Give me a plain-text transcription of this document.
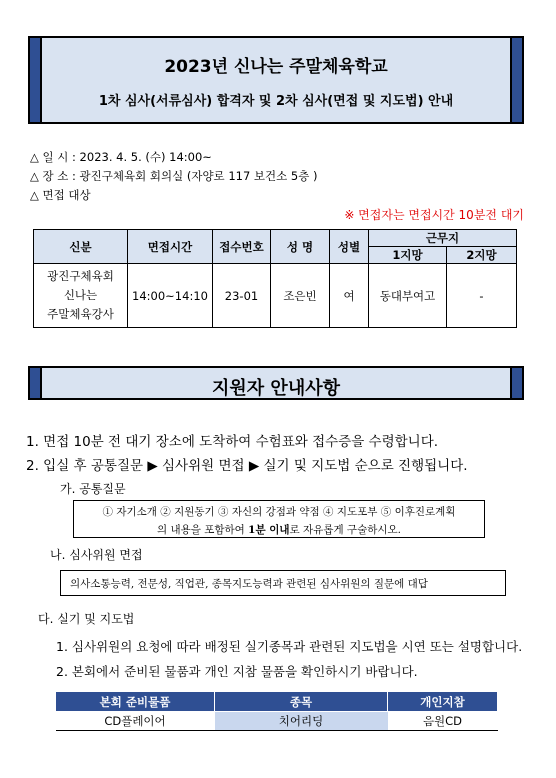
2023년 신나는 주말체육학교
1차 심사(서류심사) 합격자 및 2차 심사(면접 및 지도법) 안내
△ 일 시 : 2023. 4. 5. (수) 14:00~
△ 장 소 : 광진구체육회 회의실 (자양로 117 보건소 5층 )
△ 면접 대상
※ 면접자는 면접시간 10분전 대기
신분	면접시간	접수번호	성 명	성별	근무지	
					1지망	2지망

광진구체육회
신나는
주말체육강사	14:00~14:10	23-01	조은빈	여	동대부여고	-
지원자 안내사항
1. 면접 10분 전 대기 장소에 도착하여 수험표와 접수증을 수령합니다.
2. 입실 후 공통질문 ▶ 심사위원 면접 ▶ 실기 및 지도법 순으로 진행됩니다.
가. 공통질문
① 자기소개 ② 지원동기 ③ 자신의 강점과 약점 ④ 지도포부 ⑤ 이후진로계획
의 내용을 포함하여 1분 이내로 자유롭게 구술하시오.
나. 심사위원 면접
의사소통능력, 전문성, 직업관, 종목지도능력과 관련된 심사위원의 질문에 대답
다. 실기 및 지도법
1. 심사위원의 요청에 따라 배정된 실기종목과 관련된 지도법을 시연 또는 설명합니다.
2. 본회에서 준비된 물품과 개인 지참 물품을 확인하시기 바랍니다.
본회 준비물품	종목	개인지참
CD플레이어	치어리딩	음원CD
